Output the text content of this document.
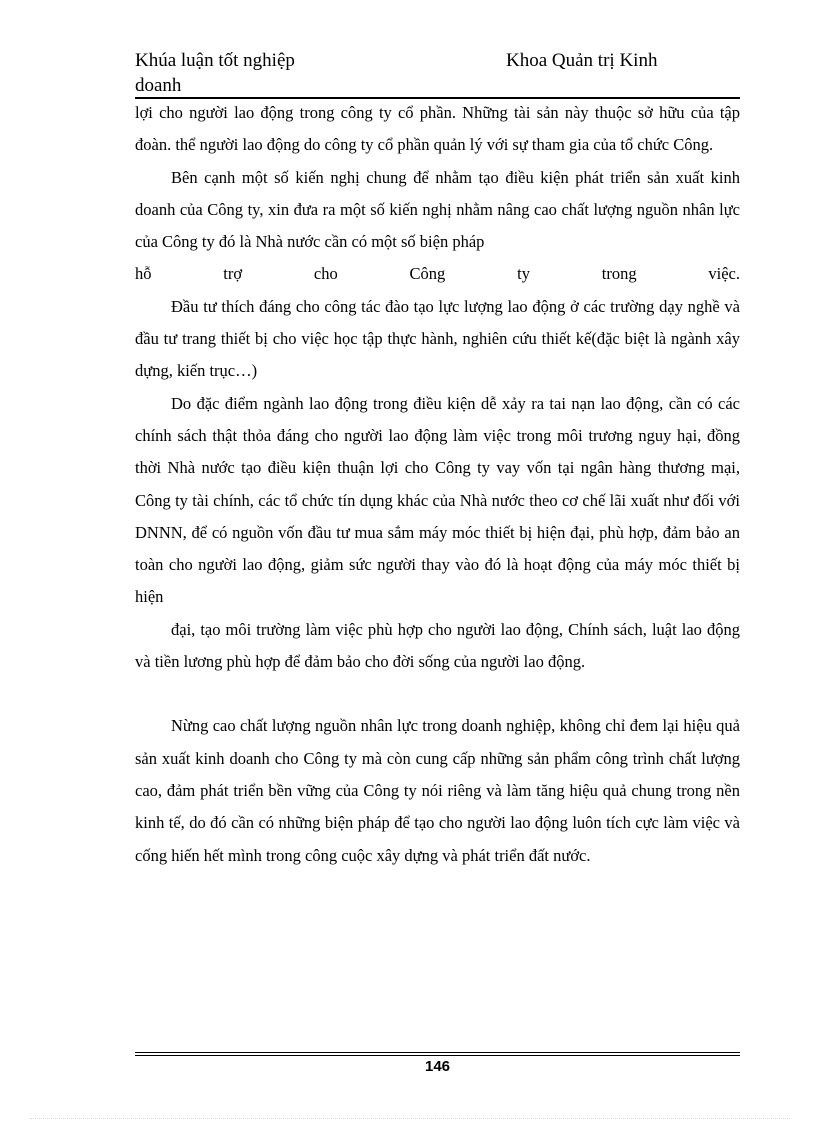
Khúa luận tốt nghiệp doanh
Khoa Quản trị Kinh

lợi cho người lao động trong công ty cổ phần. Những tài sản này thuộc sở hữu của tập đoàn. thể người lao động do công ty cổ phần quản lý với sự tham gia của tổ chức Công.

Bên cạnh một số kiến nghị chung để nhằm tạo điều kiện phát triển sản xuất kinh doanh của Công ty, xin đưa ra một số kiến nghị nhằm nâng cao chất lượng nguồn nhân lực của Công ty đó là Nhà nước cần có một số biện pháp

hỗ trợ cho Công ty trong việc.

Đầu tư thích đáng cho công tác đào tạo lực lượng lao động ở các trường dạy nghề và đầu tư trang thiết bị cho việc học tập thực hành, nghiên cứu thiết kế(đặc biệt là ngành xây dựng, kiến trục…)

Do đặc điểm ngành lao động trong điều kiện dễ xảy ra tai nạn lao động, cần có các chính sách thật thỏa đáng cho người lao động làm việc trong môi trương nguy hại, đồng thời Nhà nước tạo điều kiện thuận lợi cho Công ty vay vốn tại ngân hàng thương mại, Công ty tài chính, các tổ chức tín dụng khác của Nhà nước theo cơ chế lãi xuất như đối với DNNN, để có nguồn vốn đầu tư mua sắm máy móc thiết bị hiện đại, phù hợp, đảm bảo an toàn cho người lao động, giảm sức người thay vào đó là hoạt động của máy móc thiết bị hiện

đại, tạo môi trường làm việc phù hợp cho người lao động, Chính sách, luật lao động và tiền lương phù hợp để đảm bảo cho đời sống của người lao động.

Nừng cao chất lượng nguồn nhân lực trong doanh nghiệp, không chỉ đem lại hiệu quả sản xuất kinh doanh cho Công ty mà còn cung cấp những sản phẩm công trình chất lượng cao, đảm phát triển bền vững của Công ty nói riêng và làm tăng hiệu quả chung trong nền kinh tế, do đó cần có những biện pháp để tạo cho người lao động luôn tích cực làm việc và cống hiến hết mình trong công cuộc xây dựng và phát triển đất nước.

146
